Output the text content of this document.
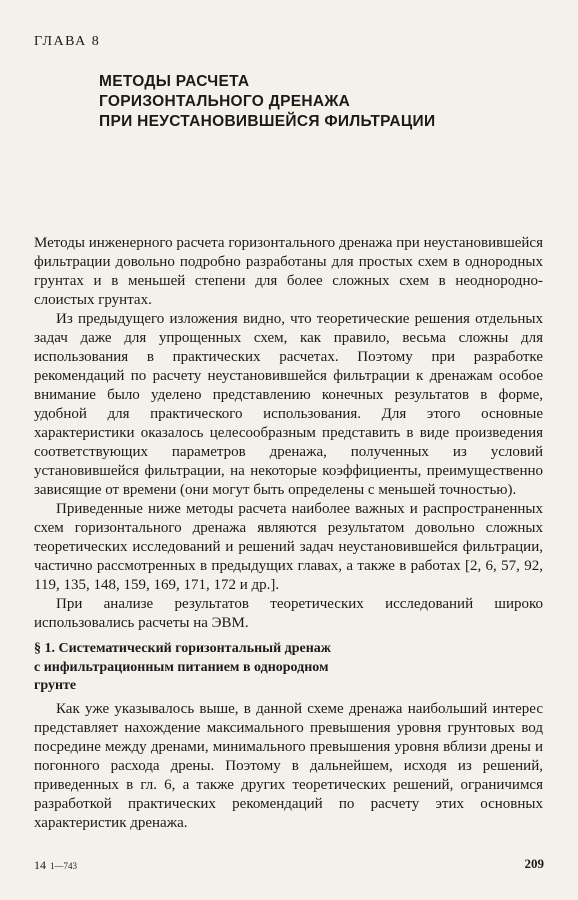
ГЛАВА 8
МЕТОДЫ РАСЧЕТА
ГОРИЗОНТАЛЬНОГО ДРЕНАЖА
ПРИ НЕУСТАНОВИВШЕЙСЯ ФИЛЬТРАЦИИ

Методы инженерного расчета горизонтального дренажа при неустановившейся фильтрации довольно подробно разработаны для простых схем в однородных грунтах и в меньшей степени для более сложных схем в неоднородно-слоистых грунтах.

Из предыдущего изложения видно, что теоретические решения отдельных задач даже для упрощенных схем, как правило, весьма сложны для использования в практических расчетах. Поэтому при разработке рекомендаций по расчету неустановившейся фильтрации к дренажам особое внимание было уделено представлению конечных результатов в форме, удобной для практического использования. Для этого основные характеристики оказалось целесообразным представить в виде произведения соответствующих параметров дренажа, полученных из условий установившейся фильтрации, на некоторые коэффициенты, преимущественно зависящие от времени (они могут быть определены с меньшей точностью).

Приведенные ниже методы расчета наиболее важных и распространенных схем горизонтального дренажа являются результатом довольно сложных теоретических исследований и решений задач неустановившейся фильтрации, частично рассмотренных в предыдущих главах, а также в работах [2, 6, 57, 92, 119, 135, 148, 159, 169, 171, 172 и др.].

При анализе результатов теоретических исследований широко использовались расчеты на ЭВМ.

§ 1. Систематический горизонтальный дренаж
с инфильтрационным питанием в однородном
грунте

Как уже указывалось выше, в данной схеме дренажа наибольший интерес представляет нахождение максимального превышения уровня грунтовых вод посредине между дренами, минимального превышения уровня вблизи дрены и погонного расхода дрены. Поэтому в дальнейшем, исходя из решений, приведенных в гл. 6, а также других теоретических решений, ограничимся разработкой практических рекомендаций по расчету этих основных характеристик дренажа.

14 1—743	209
